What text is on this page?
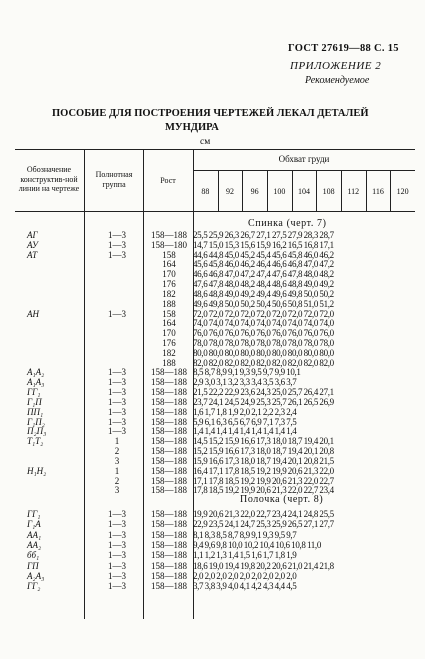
ГОСТ 27619—88 С. 15
ПРИЛОЖЕНИЕ 2
Рекомендуемое
ПОСОБИЕ ДЛЯ ПОСТРОЕНИЯ ЧЕРТЕЖЕЙ ЛЕКАЛ ДЕТАЛЕЙ
МУНДИРА
см
Обозначение конструктив-ной линии на чертеже
Полнотная группа	Рост
Обхват груди
88	92	96	100	104	108	112	116	120
Спинка (черт. 7)
АГ	1—3	158—188 25,5 25,9 26,3 26,7 27,1 27,5 27,9 28,3 28,7
АУ	1—3	158—180 14,7 15,0 15,3 15,6 15,9 16,2 16,5 16,8 17,1
АТ	1—3	158	44,6 44,8 45,0 45,2 45,4 45,6 45,8 46,0 46,2
164	45,6 45,8 46,0 46,2 46,4 46,6 46,8 47,0 47,2
170	46,6 46,8 47,0 47,2 47,4 47,6 47,8 48,0 48,2
176	47,6 47,8 48,0 48,2 48,4 48,6 48,8 49,0 49,2
182	48,6 48,8 49,0 49,2 49,4 49,6 49,8 50,0 50,2
188	49,6 49,8 50,0 50,2 50,4 50,6 50,8 51,0 51,2
АН	1—3	158	72,0 72,0 72,0 72,0 72,0 72,0 72,0 72,0 72,0
164	74,0 74,0 74,0 74,0 74,0 74,0 74,0 74,0 74,0
170	76,0 76,0 76,0 76,0 76,0 76,0 76,0 76,0 76,0
176	78,0 78,0 78,0 78,0 78,0 78,0 78,0 78,0 78,0
182	80,0 80,0 80,0 80,0 80,0 80,0 80,0 80,0 80,0
188	82,0 82,0 82,0 82,0 82,0 82,0 82,0 82,0 82,0
А₁А₂	1—3	158—188 8,5 8,7 8,9 9,1 9,3 9,5 9,7 9,9 10,1
А₁А₃	1—3	158—188 2,9 3,0 3,1 3,2 3,3 3,4 3,5 3,6 3,7
ГГ₁	1—3	158—188 21,5 22,2 22,9 23,6 24,3 25,0 25,7 26,4 27,1
Г₁П	1—3	158—188 23,7 24,1 24,5 24,9 25,3 25,7 26,1 26,5 26,9
ПП₁	1—3	158—188 1,6 1,7 1,8 1,9 2,0 2,1 2,2 2,3 2,4
Г₁П₂	1—3	158—188 5,9 6,1 6,3 6,5 6,7 6,9 7,1 7,3 7,5
П₂П₃	1—3	158—188 1,4 1,4 1,4 1,4 1,4 1,4 1,4 1,4 1,4
Т₁Т₂	1	158—188 14,5 15,2 15,9 16,6 17,3 18,0 18,7 19,4 20,1
2	158—188 15,2 15,9 16,6 17,3 18,0 18,7 19,4 20,1 20,8
3	158—188 15,9 16,6 17,3 18,0 18,7 19,4 20,1 20,8 21,5
Н₁Н₂	1	158—188 16,4 17,1 17,8 18,5 19,2 19,9 20,6 21,3 22,0
2	158—188 17,1 17,8 18,5 19,2 19,9 20,6 21,3 22,0 22,7
3	158—188 17,8 18,5 19,2 19,9 20,6 21,3 22,0 22,7 23,4
Полочка (черт. 8)
ГГ₁	1—3	158—188 19,9 20,6 21,3 22,0 22,7 23,4 24,1 24,8 25,5
Г₁А	1—3	158—188 22,9 23,5 24,1 24,7 25,3 25,9 26,5 27,1 27,7
АА₁	1—3	158—188 8,1 8,3 8,5 8,7 8,9 9,1 9,3 9,5 9,7
АА₂	1—3	158—188 9,4 9,6 9,8 10,0 10,2 10,4 10,6 10,8 11,0
бб₁	1—3	158—188 1,1 1,2 1,3 1,4 1,5 1,6 1,7 1,8 1,9
ГП	1—3	158—188 18,6 19,0 19,4 19,8 20,2 20,6 21,0 21,4 21,8
А₂А₃	1—3	158—188 2,0 2,0 2,0 2,0 2,0 2,0 2,0 2,0 2,0
ГГ₂	1—3	158—188 3,7 3,8 3,9 4,0 4,1 4,2 4,3 4,4 4,5
